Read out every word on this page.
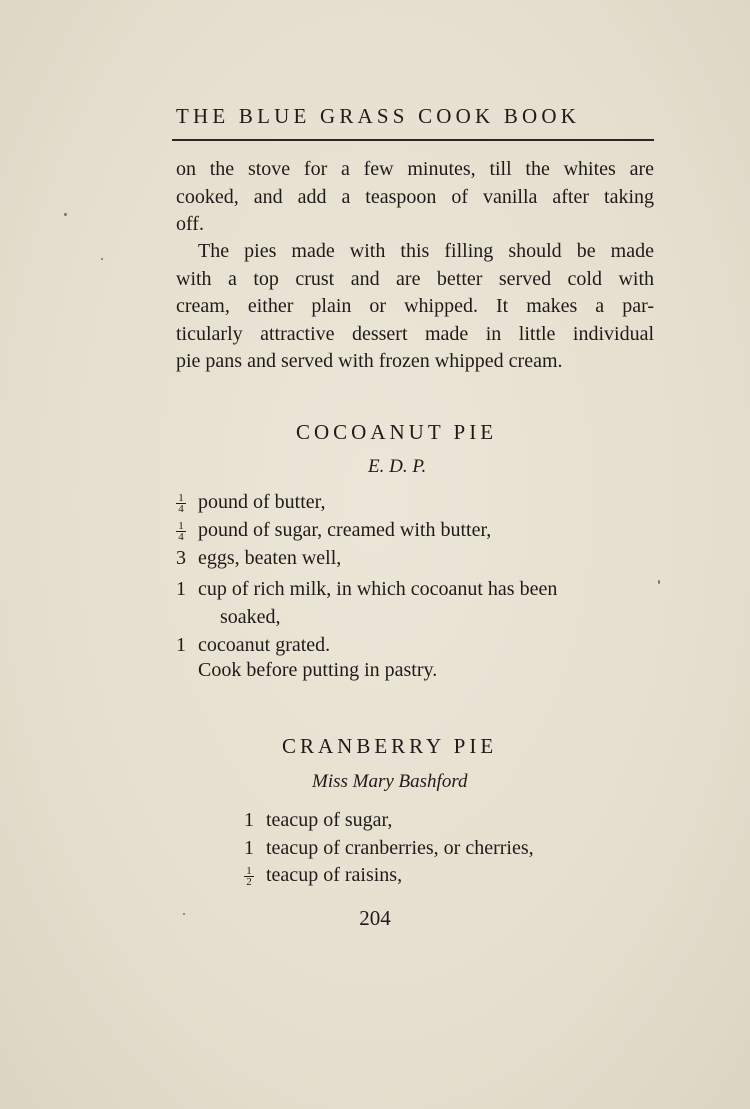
THE BLUE GRASS COOK BOOK
on the stove for a few minutes, till the whites are
cooked, and add a teaspoon of vanilla after taking
off.
The pies made with this filling should be made
with a top crust and are better served cold with
cream, either plain or whipped. It makes a par-
ticularly attractive dessert made in little individual
pie pans and served with frozen whipped cream.
COCOANUT PIE
E. D. P.
$\frac{1}{4}$ pound of butter,
$\frac{1}{4}$ pound of sugar, creamed with butter,
3 eggs, beaten well,
1 cup of rich milk, in which cocoanut has been
soaked,
1 cocoanut grated.
Cook before putting in pastry.
CRANBERRY PIE
Miss Mary Bashford
1 teacup of sugar,
1 teacup of cranberries, or cherries,
$\frac{1}{2}$ teacup of raisins,
204
